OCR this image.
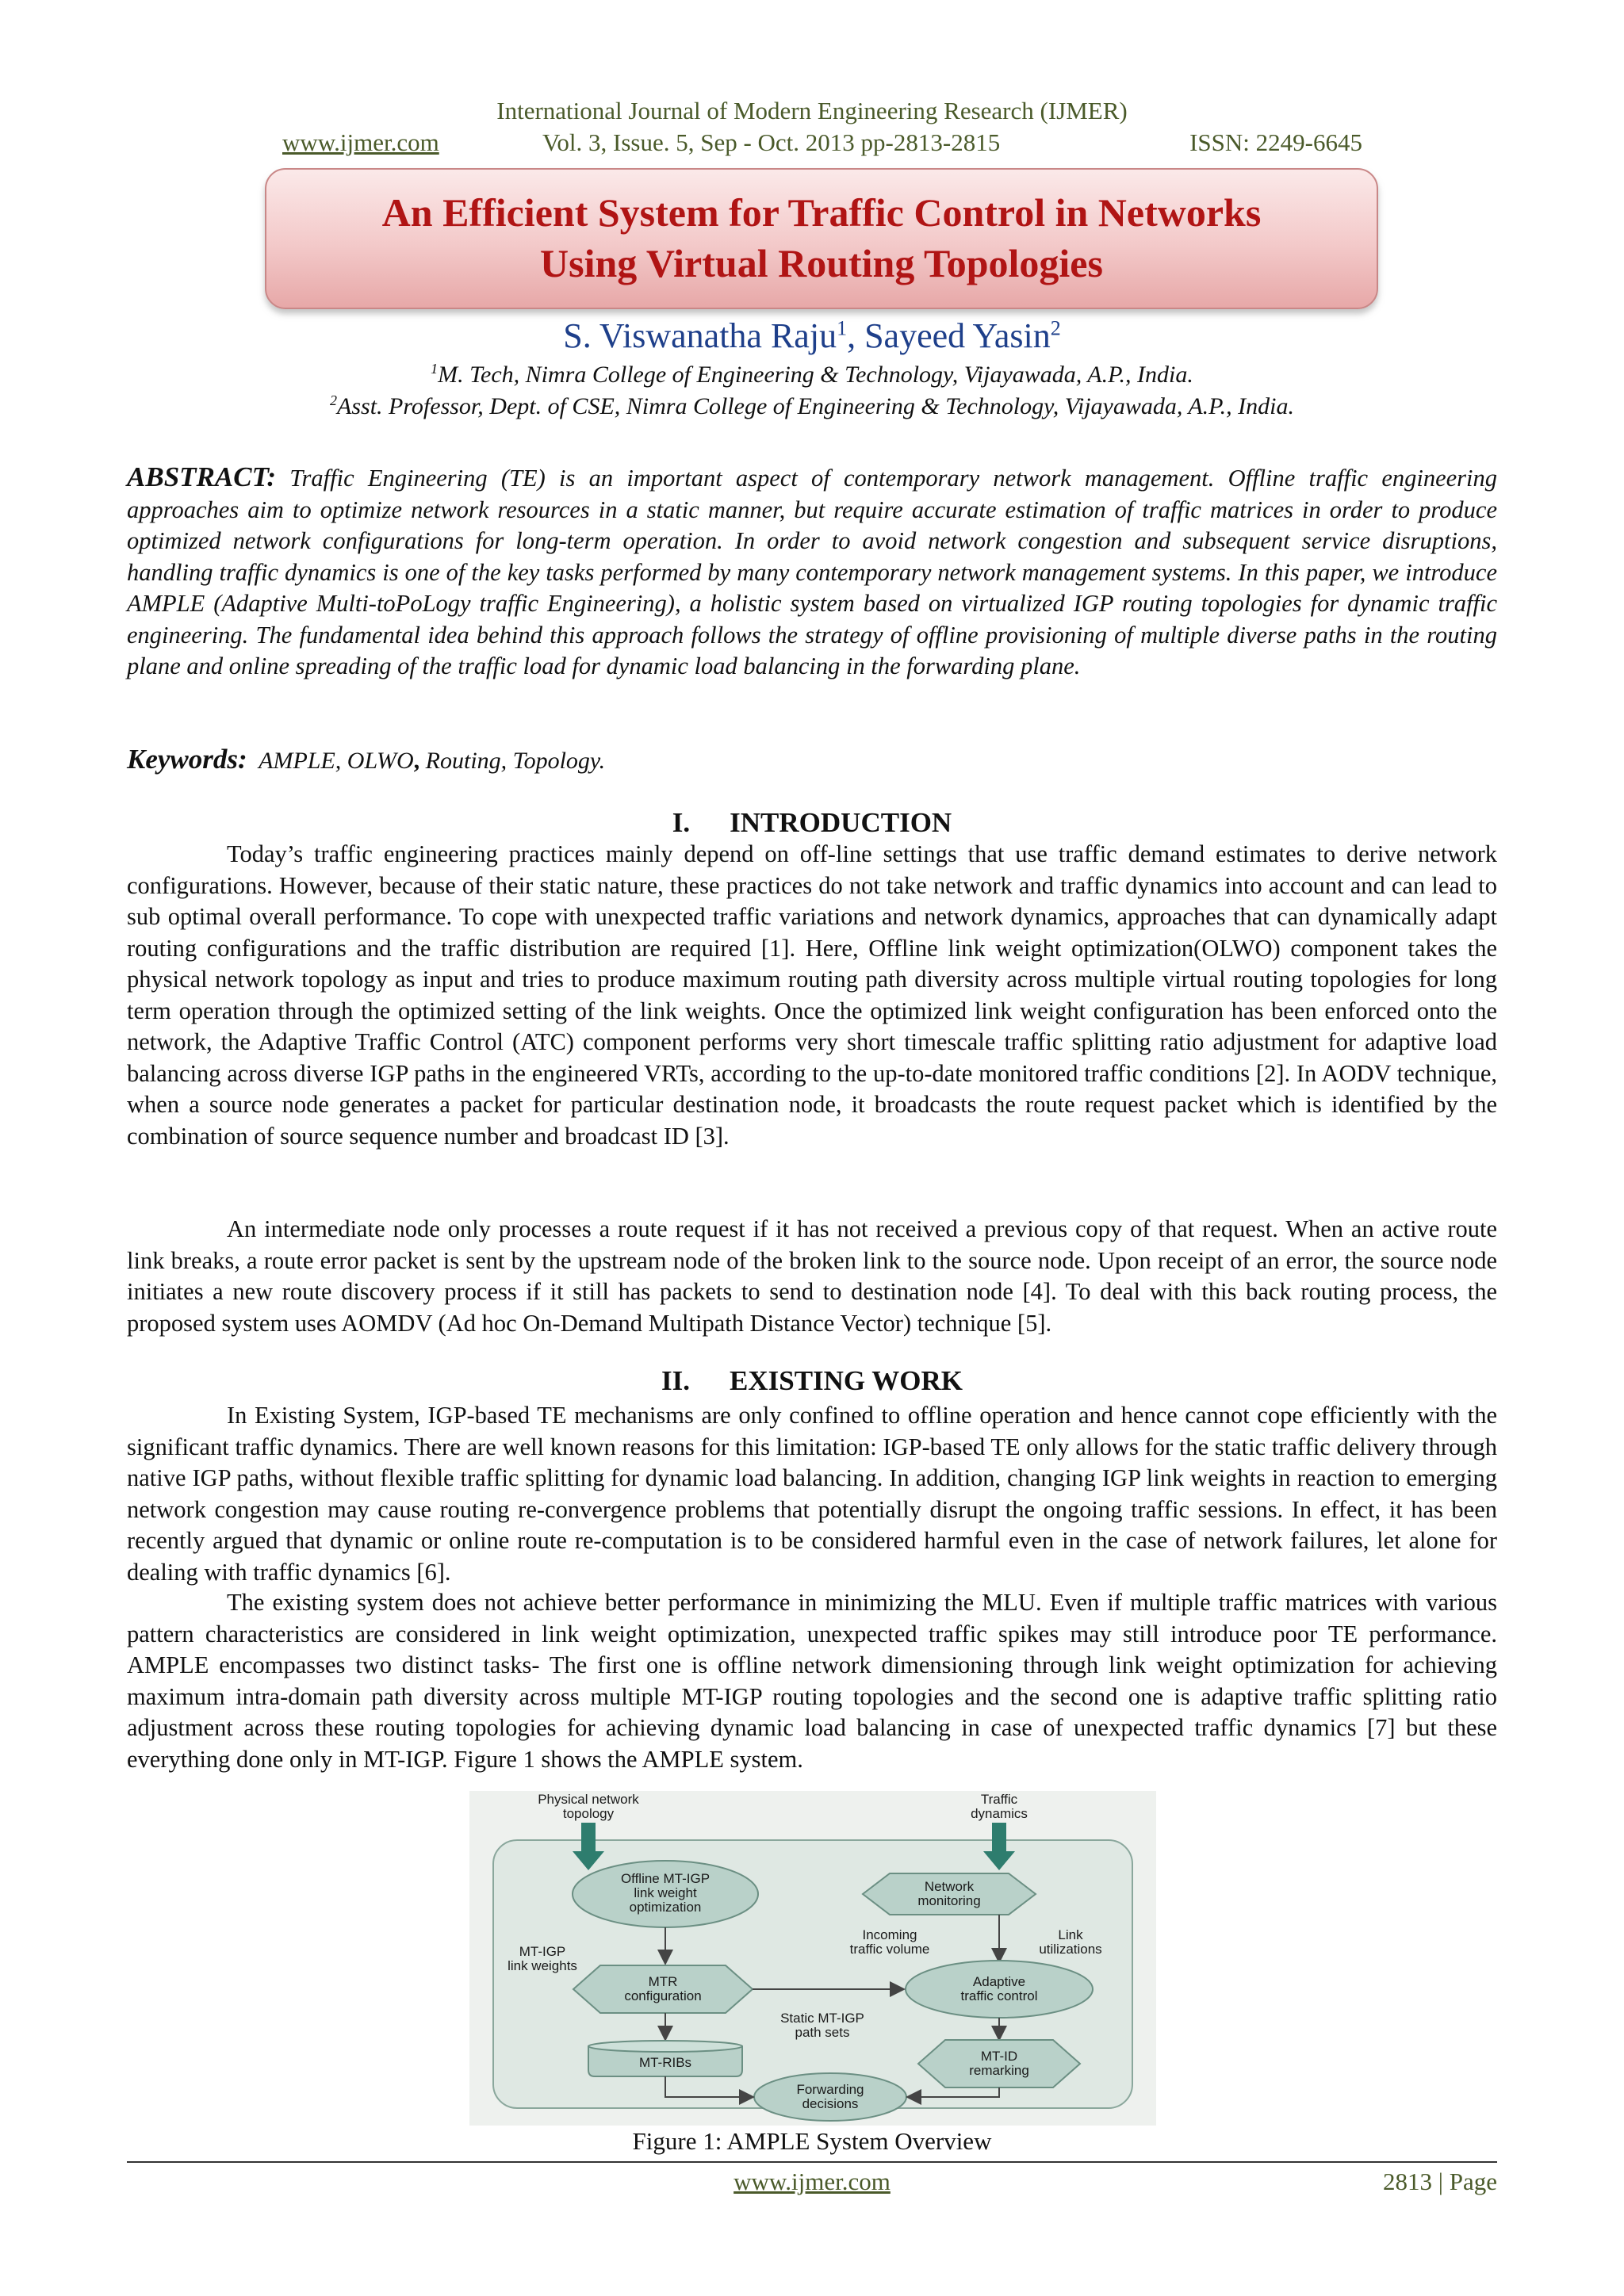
International Journal of Modern Engineering Research (IJMER)
www.ijmer.com	Vol. 3, Issue. 5, Sep - Oct. 2013 pp-2813-2815	ISSN: 2249-6645
An Efficient System for Traffic Control in Networks
Using Virtual Routing Topologies
S. Viswanatha Raju$^1$, Sayeed Yasin$^2$
$^1$M. Tech, Nimra College of Engineering & Technology, Vijayawada, A.P., India.
$^2$Asst. Professor, Dept. of CSE, Nimra College of Engineering & Technology, Vijayawada, A.P., India.
ABSTRACT: Traffic Engineering (TE) is an important aspect of contemporary network management. Offline traffic engineering approaches aim to optimize network resources in a static manner, but require accurate estimation of traffic matrices in order to produce optimized network configurations for long-term operation. In order to avoid network congestion and subsequent service disruptions, handling traffic dynamics is one of the key tasks performed by many contemporary network management systems. In this paper, we introduce AMPLE (Adaptive Multi-toPoLogy traffic Engineering), a holistic system based on virtualized IGP routing topologies for dynamic traffic engineering. The fundamental idea behind this approach follows the strategy of offline provisioning of multiple diverse paths in the routing plane and online spreading of the traffic load for dynamic load balancing in the forwarding plane.
Keywords: AMPLE, OLWO, Routing, Topology.
I. INTRODUCTION
Today’s traffic engineering practices mainly depend on off-line settings that use traffic demand estimates to derive network configurations. However, because of their static nature, these practices do not take network and traffic dynamics into account and can lead to sub optimal overall performance. To cope with unexpected traffic variations and network dynamics, approaches that can dynamically adapt routing configurations and the traffic distribution are required [1]. Here, Offline link weight optimization(OLWO) component takes the physical network topology as input and tries to produce maximum routing path diversity across multiple virtual routing topologies for long term operation through the optimized setting of the link weights. Once the optimized link weight configuration has been enforced onto the network, the Adaptive Traffic Control (ATC) component performs very short timescale traffic splitting ratio adjustment for adaptive load balancing across diverse IGP paths in the engineered VRTs, according to the up-to-date monitored traffic conditions [2]. In AODV technique, when a source node generates a packet for particular destination node, it broadcasts the route request packet which is identified by the combination of source sequence number and broadcast ID [3].
An intermediate node only processes a route request if it has not received a previous copy of that request. When an active route link breaks, a route error packet is sent by the upstream node of the broken link to the source node. Upon receipt of an error, the source node initiates a new route discovery process if it still has packets to send to destination node [4]. To deal with this back routing process, the proposed system uses AOMDV (Ad hoc On-Demand Multipath Distance Vector) technique [5].
II. EXISTING WORK
In Existing System, IGP-based TE mechanisms are only confined to offline operation and hence cannot cope efficiently with the significant traffic dynamics. There are well known reasons for this limitation: IGP-based TE only allows for the static traffic delivery through native IGP paths, without flexible traffic splitting for dynamic load balancing. In addition, changing IGP link weights in reaction to emerging network congestion may cause routing re-convergence problems that potentially disrupt the ongoing traffic sessions. In effect, it has been recently argued that dynamic or online route re-computation is to be considered harmful even in the case of network failures, let alone for dealing with traffic dynamics [6].
The existing system does not achieve better performance in minimizing the MLU. Even if multiple traffic matrices with various pattern characteristics are considered in link weight optimization, unexpected traffic spikes may still introduce poor TE performance. AMPLE encompasses two distinct tasks- The first one is offline network dimensioning through link weight optimization for achieving maximum intra-domain path diversity across multiple MT-IGP routing topologies and the second one is adaptive traffic splitting ratio adjustment across these routing topologies for achieving dynamic load balancing in case of unexpected traffic dynamics [7] but these everything done only in MT-IGP. Figure 1 shows the AMPLE system.
Physical network
topology
Traffic
dynamics
Offline MT-IGP
link weight
optimization
Network
monitoring
MT-IGP
link weights
Incoming
traffic volume
Link
utilizations
MTR
configuration
Adaptive
traffic control
Static MT-IGP
path sets
MT-RIBs	MT-ID
remarking
Forwarding
decisions
Figure 1: AMPLE System Overview
www.ijmer.com	2813 | Page
